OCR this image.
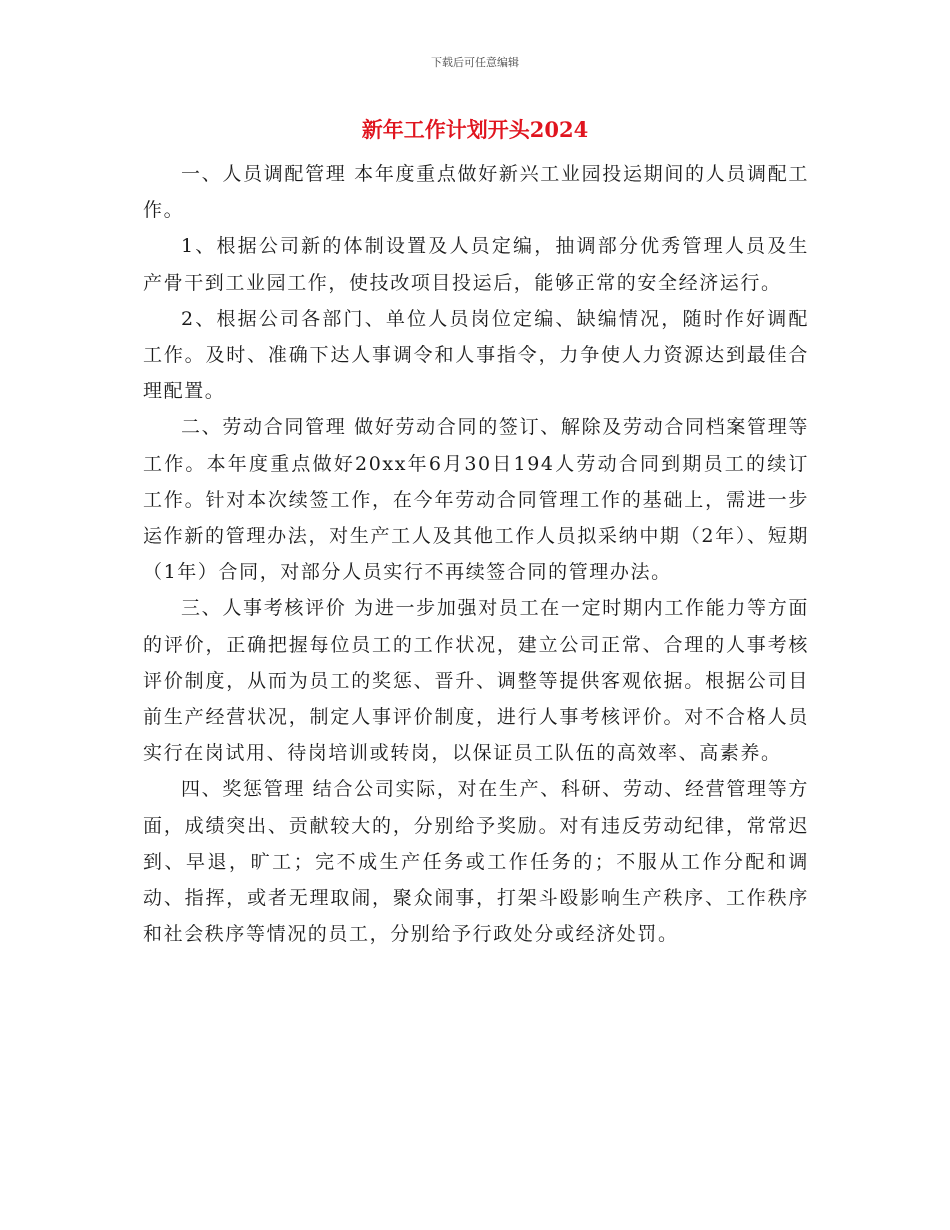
下载后可任意编辑
新年工作计划开头2024

一、人员调配管理 本年度重点做好新兴工业园投运期间的人员调配工作。

1、根据公司新的体制设置及人员定编，抽调部分优秀管理人员及生产骨干到工业园工作，使技改项目投运后，能够正常的安全经济运行。

2、根据公司各部门、单位人员岗位定编、缺编情况，随时作好调配工作。及时、准确下达人事调令和人事指令，力争使人力资源达到最佳合理配置。

二、劳动合同管理 做好劳动合同的签订、解除及劳动合同档案管理等工作。本年度重点做好20xx年6月30日194人劳动合同到期员工的续订工作。针对本次续签工作，在今年劳动合同管理工作的基础上，需进一步运作新的管理办法，对生产工人及其他工作人员拟采纳中期（2年）、短期（1年）合同，对部分人员实行不再续签合同的管理办法。

三、人事考核评价 为进一步加强对员工在一定时期内工作能力等方面的评价，正确把握每位员工的工作状况，建立公司正常、合理的人事考核评价制度，从而为员工的奖惩、晋升、调整等提供客观依据。根据公司目前生产经营状况，制定人事评价制度，进行人事考核评价。对不合格人员实行在岗试用、待岗培训或转岗，以保证员工队伍的高效率、高素养。

四、奖惩管理 结合公司实际，对在生产、科研、劳动、经营管理等方面，成绩突出、贡献较大的，分别给予奖励。对有违反劳动纪律，常常迟到、早退，旷工；完不成生产任务或工作任务的；不服从工作分配和调动、指挥，或者无理取闹，聚众闹事，打架斗殴影响生产秩序、工作秩序和社会秩序等情况的员工，分别给予行政处分或经济处罚。
